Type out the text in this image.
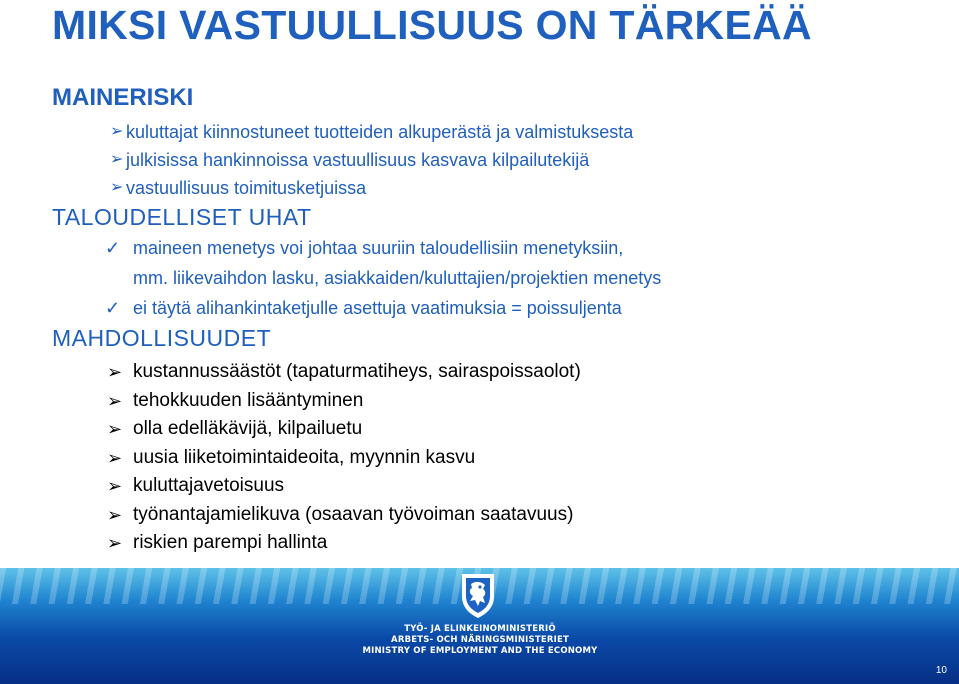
MIKSI VASTUULLISUUS ON TÄRKEÄÄ
MAINERISKI
➢ kuluttajat kiinnostuneet tuotteiden alkuperästä ja valmistuksesta
➢ julkisissa hankinnoissa vastuullisuus kasvava kilpailutekijä
➢ vastuullisuus toimitusketjuissa
TALOUDELLISET UHAT
✓ maineen menetys voi johtaa suuriin taloudellisiin menetyksiin,
mm. liikevaihdon lasku, asiakkaiden/kuluttajien/projektien menetys
✓ ei täytä alihankintaketjulle asettuja vaatimuksia = poissuljenta
MAHDOLLISUUDET
➢ kustannussäästöt (tapaturmatiheys, sairaspoissaolot)
➢ tehokkuuden lisääntyminen
➢ olla edelläkävijä, kilpailuetu
➢ uusia liiketoimintaideoita, myynnin kasvu
➢ kuluttajavetoisuus
➢ työnantajamielikuva (osaavan työvoiman saatavuus)
➢ riskien parempi hallinta
TYÖ- JA ELINKEINOMINISTERIÖ
ARBETS- OCH NÄRINGSMINISTERIET
MINISTRY OF EMPLOYMENT AND THE ECONOMY
10
